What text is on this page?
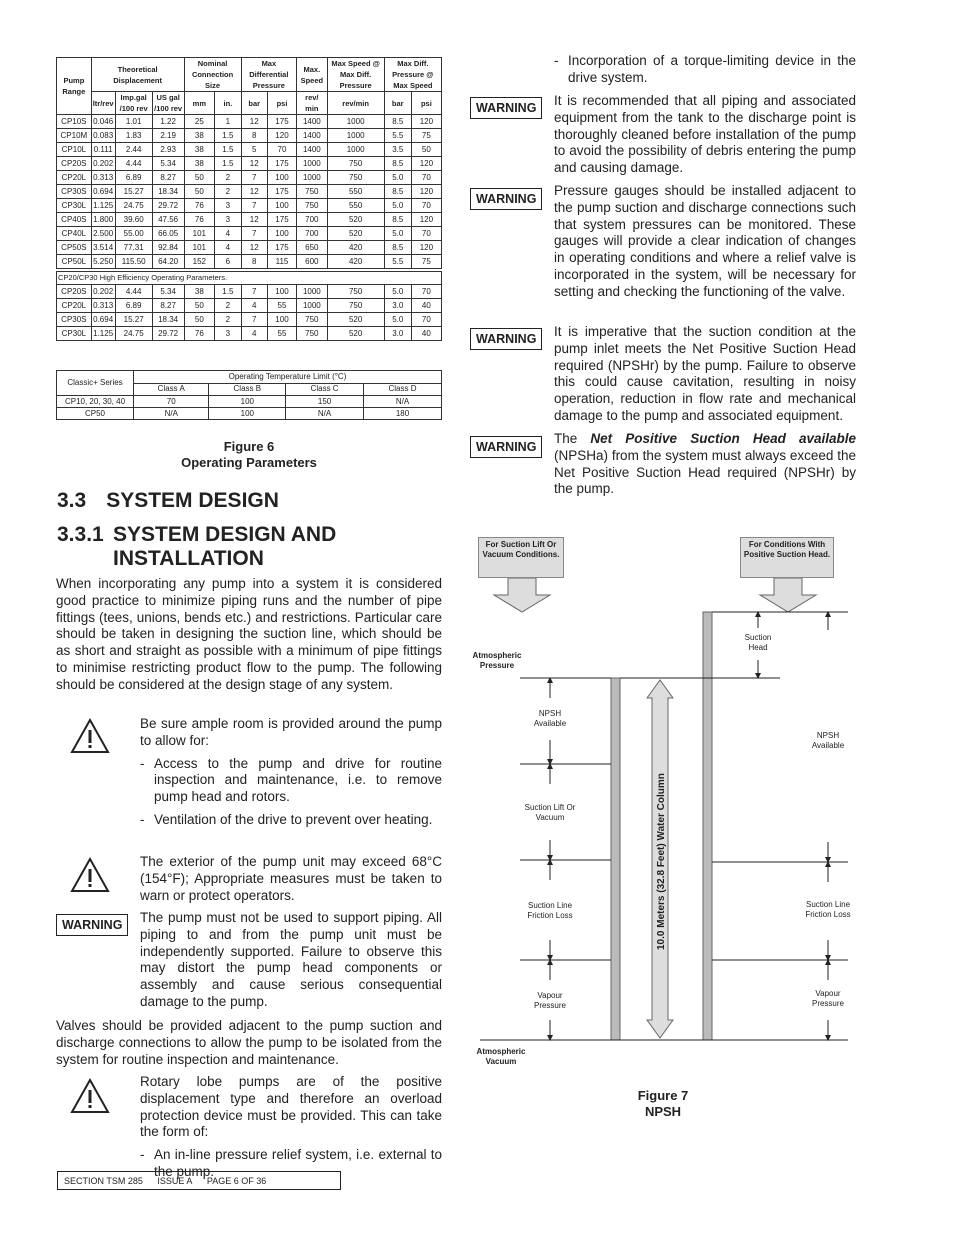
Pump Range	Theoretical Displacement			Nominal Connection Size		Max Differential Pressure		Max. Speed	Max Speed @ Max Diff. Pressure	Max Diff. Pressure @ Max Speed	
	ltr/rev	Imp.gal /100 rev	US gal /100 rev	mm	in.	bar	psi	rev/ min	rev/min	bar	psi
CP10S	0.046	1.01	1.22	25	1	12	175	1400	1000	8.5	120
CP10M	0.083	1.83	2.19	38	1.5	8	120	1400	1000	5.5	75
CP10L	0.111	2.44	2.93	38	1.5	5	70	1400	1000	3.5	50
CP20S	0.202	4.44	5.34	38	1.5	12	175	1000	750	8.5	120
CP20L	0.313	6.89	8.27	50	2	7	100	1000	750	5.0	70
CP30S	0.694	15.27	18.34	50	2	12	175	750	550	8.5	120
CP30L	1.125	24.75	29.72	76	3	7	100	750	550	5.0	70
CP40S	1.800	39.60	47.56	76	3	12	175	700	520	8.5	120
CP40L	2.500	55.00	66.05	101	4	7	100	700	520	5.0	70
CP50S	3.514	77.31	92.84	101	4	12	175	650	420	8.5	120
CP50L	5.250	115.50	64.20	152	6	8	115	600	420	5.5	75

CP20/CP30 High Efficiency Operating Parameters.											
CP20S	0.202	4.44	5.34	38	1.5	7	100	1000	750	5.0	70
CP20L	0.313	6.89	8.27	50	2	4	55	1000	750	3.0	40
CP30S	0.694	15.27	18.34	50	2	7	100	750	520	5.0	70
CP30L	1.125	24.75	29.72	76	3	4	55	750	520	3.0	40
Classic+ Series	Operating Temperature Limit (°C)			
	Class A	Class B	Class C	Class D
CP10, 20, 30, 40	70	100	150	N/A
CP50	N/A	100	N/A	180
Figure 6
Operating Parameters
3.3 SYSTEM DESIGN
3.3.1 SYSTEM DESIGN AND
INSTALLATION
When incorporating any pump into a system it is considered good practice to minimize piping runs and the number of pipe fittings (tees, unions, bends etc.) and restrictions. Particular care should be taken in designing the suction line, which should be as short and straight as possible with a minimum of pipe fittings to minimise restricting product flow to the pump. The following should be considered at the design stage of any system.
Be sure ample room is provided around the pump to allow for:
- Access to the pump and drive for routine inspection and maintenance, i.e. to remove pump head and rotors.
- Ventilation of the drive to prevent over heating.
The exterior of the pump unit may exceed 68°C (154°F); Appropriate measures must be taken to warn or protect operators.
WARNING	The pump must not be used to support piping. All piping to and from the pump unit must be independently supported. Failure to observe this may distort the pump head components or assembly and cause serious consequential damage to the pump.
Valves should be provided adjacent to the pump suction and discharge connections to allow the pump to be isolated from the system for routine inspection and maintenance.
Rotary lobe pumps are of the positive displacement type and therefore an overload protection device must be provided. This can take the form of:
- An in-line pressure relief system, i.e. external to the pump.
SECTION TSM 285 ISSUE A PAGE 6 OF 36
- Incorporation of a torque-limiting device in the drive system.
WARNING	It is recommended that all piping and associated equipment from the tank to the discharge point is thoroughly cleaned before installation of the pump to avoid the possibility of debris entering the pump and causing damage.
WARNING
Pressure gauges should be installed adjacent to the pump suction and discharge connections such that system pressures can be monitored. These gauges will provide a clear indication of changes in operating conditions and where a relief valve is incorporated in the system, will be necessary for setting and checking the functioning of the valve.
WARNING	It is imperative that the suction condition at the pump inlet meets the Net Positive Suction Head required (NPSHr) by the pump. Failure to observe this could cause cavitation, resulting in noisy operation, reduction in flow rate and mechanical damage to the pump and associated equipment.
WARNING
The Net Positive Suction Head available (NPSHa) from the system must always exceed the Net Positive Suction Head required (NPSHr) by the pump.
10.0 Meters (32.8 Feet) Water Column
For Suction Lift Or Vacuum Conditions.
For Conditions With Positive Suction Head.
Atmospheric Pressure
Atmospheric Vacuum
NPSH Available
Suction Lift Or Vacuum
Suction Line Friction Loss
Vapour Pressure
Suction Head
NPSH Available
Suction Line Friction Loss
Vapour Pressure
Figure 7
NPSH
